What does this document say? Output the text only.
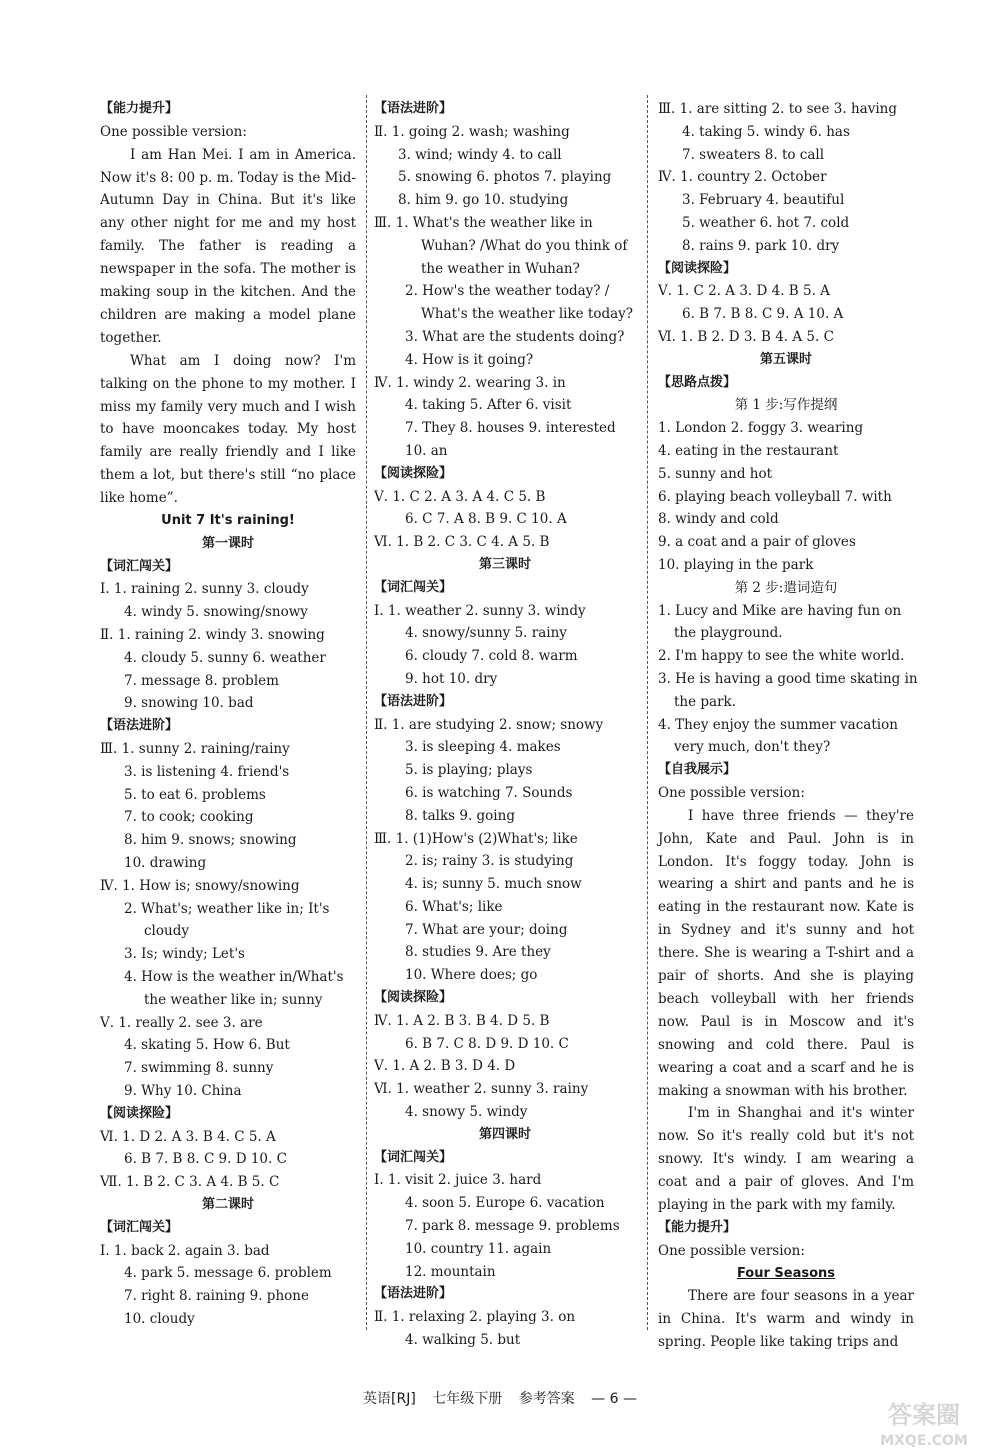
【能力提升】
One possible version:
I am Han Mei. I am in America. Now it's 8: 00 p. m. Today is the Mid-Autumn Day in China. But it's like any other night for me and my host family. The father is reading a newspaper in the sofa. The mother is making soup in the kitchen. And the children are making a model plane together.
What am I doing now? I'm talking on the phone to my mother. I miss my family very much and I wish to have mooncakes today. My host family are really friendly and I like them a lot, but there's still “no place like home”.
Unit 7 It's raining!
第一课时
【词汇闯关】
Ⅰ. 1. raining 2. sunny 3. cloudy
4. windy 5. snowing/snowy
Ⅱ. 1. raining 2. windy 3. snowing
4. cloudy 5. sunny 6. weather
7. message 8. problem
9. snowing 10. bad
【语法进阶】
Ⅲ. 1. sunny 2. raining/rainy
3. is listening 4. friend's
5. to eat 6. problems
7. to cook; cooking
8. him 9. snows; snowing
10. drawing
Ⅳ. 1. How is; snowy/snowing
2. What's; weather like in; It's
cloudy
3. Is; windy; Let's
4. How is the weather in/What's
the weather like in; sunny
Ⅴ. 1. really 2. see 3. are
4. skating 5. How 6. But
7. swimming 8. sunny
9. Why 10. China
【阅读探险】
Ⅵ. 1. D 2. A 3. B 4. C 5. A
6. B 7. B 8. C 9. D 10. C
Ⅶ. 1. B 2. C 3. A 4. B 5. C
第二课时
【词汇闯关】
Ⅰ. 1. back 2. again 3. bad
4. park 5. message 6. problem
7. right 8. raining 9. phone
10. cloudy
【语法进阶】
Ⅱ. 1. going 2. wash; washing
3. wind; windy 4. to call
5. snowing 6. photos 7. playing
8. him 9. go 10. studying
Ⅲ. 1. What's the weather like in
Wuhan? /What do you think of
the weather in Wuhan?
2. How's the weather today? /
What's the weather like today?
3. What are the students doing?
4. How is it going?
Ⅳ. 1. windy 2. wearing 3. in
4. taking 5. After 6. visit
7. They 8. houses 9. interested
10. an
【阅读探险】
Ⅴ. 1. C 2. A 3. A 4. C 5. B
6. C 7. A 8. B 9. C 10. A
Ⅵ. 1. B 2. C 3. C 4. A 5. B
第三课时
【词汇闯关】
Ⅰ. 1. weather 2. sunny 3. windy
4. snowy/sunny 5. rainy
6. cloudy 7. cold 8. warm
9. hot 10. dry
【语法进阶】
Ⅱ. 1. are studying 2. snow; snowy
3. is sleeping 4. makes
5. is playing; plays
6. is watching 7. Sounds
8. talks 9. going
Ⅲ. 1. (1)How's (2)What's; like
2. is; rainy 3. is studying
4. is; sunny 5. much snow
6. What's; like
7. What are your; doing
8. studies 9. Are they
10. Where does; go
【阅读探险】
Ⅳ. 1. A 2. B 3. B 4. D 5. B
6. B 7. C 8. D 9. D 10. C
Ⅴ. 1. A 2. B 3. D 4. D
Ⅵ. 1. weather 2. sunny 3. rainy
4. snowy 5. windy
第四课时
【词汇闯关】
Ⅰ. 1. visit 2. juice 3. hard
4. soon 5. Europe 6. vacation
7. park 8. message 9. problems
10. country 11. again
12. mountain
【语法进阶】
Ⅱ. 1. relaxing 2. playing 3. on
4. walking 5. but
Ⅲ. 1. are sitting 2. to see 3. having
4. taking 5. windy 6. has
7. sweaters 8. to call
Ⅳ. 1. country 2. October
3. February 4. beautiful
5. weather 6. hot 7. cold
8. rains 9. park 10. dry
【阅读探险】
Ⅴ. 1. C 2. A 3. D 4. B 5. A
6. B 7. B 8. C 9. A 10. A
Ⅵ. 1. B 2. D 3. B 4. A 5. C
第五课时
【思路点拨】
第 1 步:写作提纲
1. London 2. foggy 3. wearing
4. eating in the restaurant
5. sunny and hot
6. playing beach volleyball 7. with
8. windy and cold
9. a coat and a pair of gloves
10. playing in the park
第 2 步:遣词造句
1. Lucy and Mike are having fun on
the playground.
2. I'm happy to see the white world.
3. He is having a good time skating in
the park.
4. They enjoy the summer vacation
very much, don't they?
【自我展示】
One possible version:
I have three friends — they're John, Kate and Paul. John is in London. It's foggy today. John is wearing a shirt and pants and he is eating in the restaurant now. Kate is in Sydney and it's sunny and hot there. She is wearing a T-shirt and a pair of shorts. And she is playing beach volleyball with her friends now. Paul is in Moscow and it's snowing and cold there. Paul is wearing a coat and a scarf and he is making a snowman with his brother.
I'm in Shanghai and it's winter now. So it's really cold but it's not snowy. It's windy. I am wearing a coat and a pair of gloves. And I'm playing in the park with my family.
【能力提升】
One possible version:
Four Seasons
There are four seasons in a year in China. It's warm and windy in spring. People like taking trips and
英语[RJ] 七年级下册 参考答案 — 6 —
答案圈
MXQE.COM
